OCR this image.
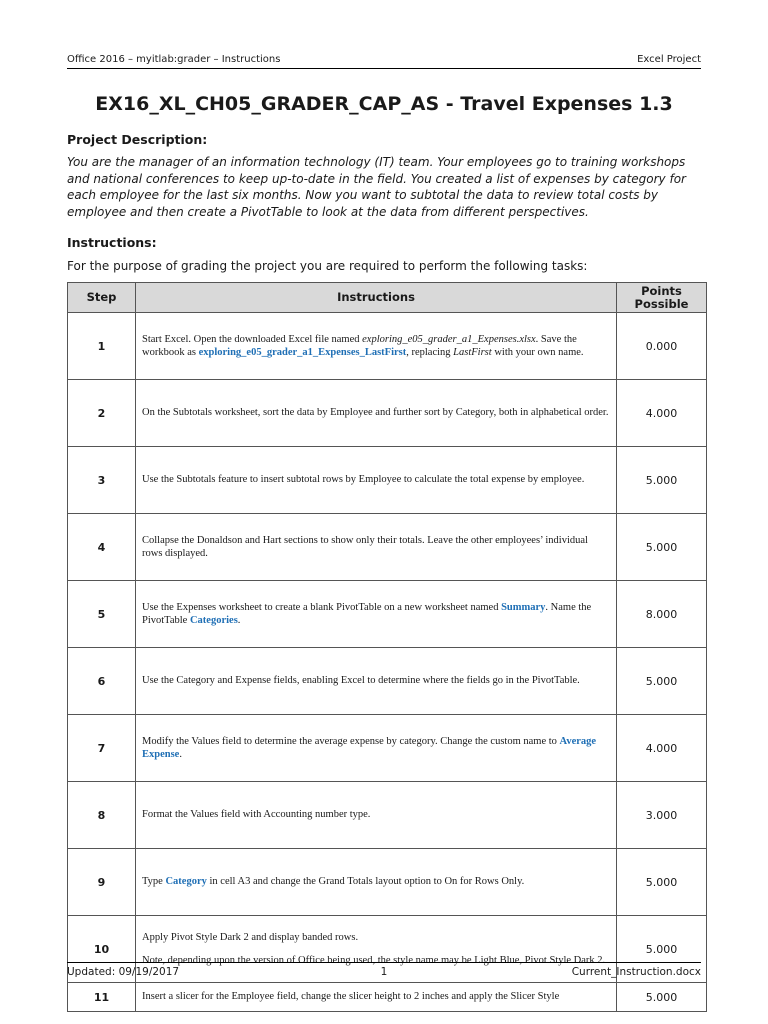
Office 2016 – myitlab:grader – Instructions	Excel Project
EX16_XL_CH05_GRADER_CAP_AS - Travel Expenses 1.3
Project Description:

You are the manager of an information technology (IT) team. Your employees go to training workshops and national conferences to keep up-to-date in the field. You created a list of expenses by category for each employee for the last six months. Now you want to subtotal the data to review total costs by employee and then create a PivotTable to look at the data from different perspectives.

Instructions:

For the purpose of grading the project you are required to perform the following tasks:

Step	Instructions	Points Possible
1	Start Excel. Open the downloaded Excel file named exploring_e05_grader_a1_Expenses.xlsx. Save the workbook as exploring_e05_grader_a1_Expenses_LastFirst, replacing LastFirst with your own name.	0.000
2	On the Subtotals worksheet, sort the data by Employee and further sort by Category, both in alphabetical order.	4.000
3	Use the Subtotals feature to insert subtotal rows by Employee to calculate the total expense by employee.	5.000
4	Collapse the Donaldson and Hart sections to show only their totals. Leave the other employees’ individual rows displayed.	5.000
5	Use the Expenses worksheet to create a blank PivotTable on a new worksheet named Summary. Name the PivotTable Categories.	8.000
6	Use the Category and Expense fields, enabling Excel to determine where the fields go in the PivotTable.	5.000
7	Modify the Values field to determine the average expense by category. Change the custom name to Average Expense.	4.000
8	Format the Values field with Accounting number type.	3.000
9	Type Category in cell A3 and change the Grand Totals layout option to On for Rows Only.	5.000
10	Apply Pivot Style Dark 2 and display banded rows.

Note, depending upon the version of Office being used, the style name may be Light Blue, Pivot Style Dark 2.	5.000
11	Insert a slicer for the Employee field, change the slicer height to 2 inches and apply the Slicer Style	5.000
Updated: 09/19/2017	1	Current_Instruction.docx
